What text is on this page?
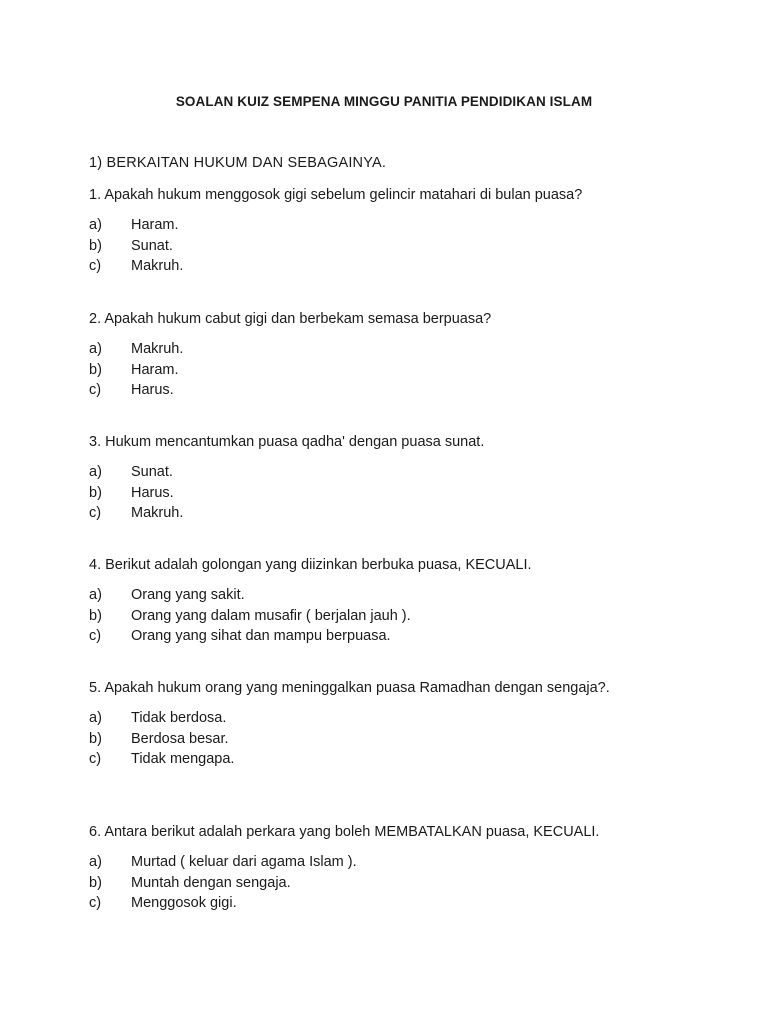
SOALAN KUIZ SEMPENA MINGGU PANITIA PENDIDIKAN ISLAM
1) BERKAITAN HUKUM DAN SEBAGAINYA.

1. Apakah hukum menggosok gigi sebelum gelincir matahari di bulan puasa?

a) Haram.
b) Sunat.
c) Makruh.

2. Apakah hukum cabut gigi dan berbekam semasa berpuasa?

a) Makruh.
b) Haram.
c) Harus.

3. Hukum mencantumkan puasa qadha' dengan puasa sunat.

a) Sunat.
b) Harus.
c) Makruh.

4. Berikut adalah golongan yang diizinkan berbuka puasa, KECUALI.

a) Orang yang sakit.
b) Orang yang dalam musafir ( berjalan jauh ).
c) Orang yang sihat dan mampu berpuasa.

5. Apakah hukum orang yang meninggalkan puasa Ramadhan dengan sengaja?.

a) Tidak berdosa.
b) Berdosa besar.
c) Tidak mengapa.

6. Antara berikut adalah perkara yang boleh MEMBATALKAN puasa, KECUALI.

a) Murtad ( keluar dari agama Islam ).
b) Muntah dengan sengaja.
c) Menggosok gigi.
